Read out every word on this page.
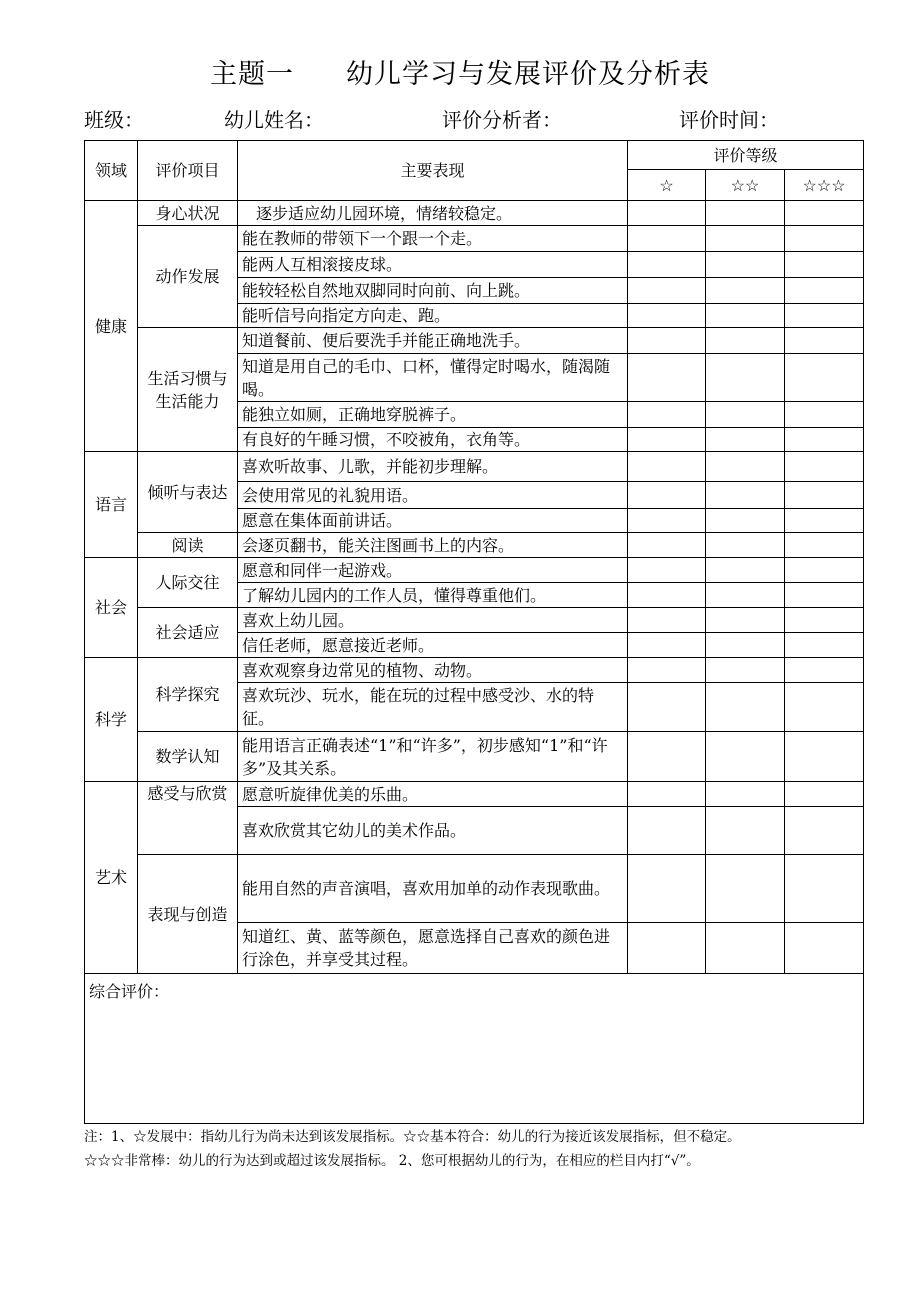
主题一 幼儿学习与发展评价及分析表
班级：	幼儿姓名：	评价分析者：	评价时间：
领域	评价项目	主要表现	评价等级		
			☆	☆☆	☆☆☆
健康	身心状况	逐步适应幼儿园环境，情绪较稳定。			
	动作发展	能在教师的带领下一个跟一个走。			
		能两人互相滚接皮球。			
		能较轻松自然地双脚同时向前、向上跳。			
		能听信号向指定方向走、跑。			
	生活习惯与生活能力	知道餐前、便后要洗手并能正确地洗手。			
		知道是用自己的毛巾、口杯，懂得定时喝水，随渴随喝。			
		能独立如厕，正确地穿脱裤子。			
		有良好的午睡习惯，不咬被角，衣角等。			
语言	倾听与表达	喜欢听故事、儿歌，并能初步理解。			
		会使用常见的礼貌用语。			
		愿意在集体面前讲话。			
	阅读	会逐页翻书，能关注图画书上的内容。			
社会	人际交往	愿意和同伴一起游戏。			
		了解幼儿园内的工作人员，懂得尊重他们。			
	社会适应	喜欢上幼儿园。			
		信任老师，愿意接近老师。			
科学	科学探究	喜欢观察身边常见的植物、动物。			
		喜欢玩沙、玩水，能在玩的过程中感受沙、水的特征。			
	数学认知	能用语言正确表述“1”和“许多”，初步感知“1”和“许多”及其关系。			
艺术	感受与欣赏	愿意听旋律优美的乐曲。			
		喜欢欣赏其它幼儿的美术作品。			
	表现与创造	能用自然的声音演唱，喜欢用加单的动作表现歌曲。			
		知道红、黄、蓝等颜色，愿意选择自己喜欢的颜色进行涂色，并享受其过程。			
综合评价：					
注：1、☆发展中：指幼儿行为尚未达到该发展指标。☆☆基本符合：幼儿的行为接近该发展指标，但不稳定。
☆☆☆非常棒：幼儿的行为达到或超过该发展指标。 2、您可根据幼儿的行为，在相应的栏目内打“√”。
